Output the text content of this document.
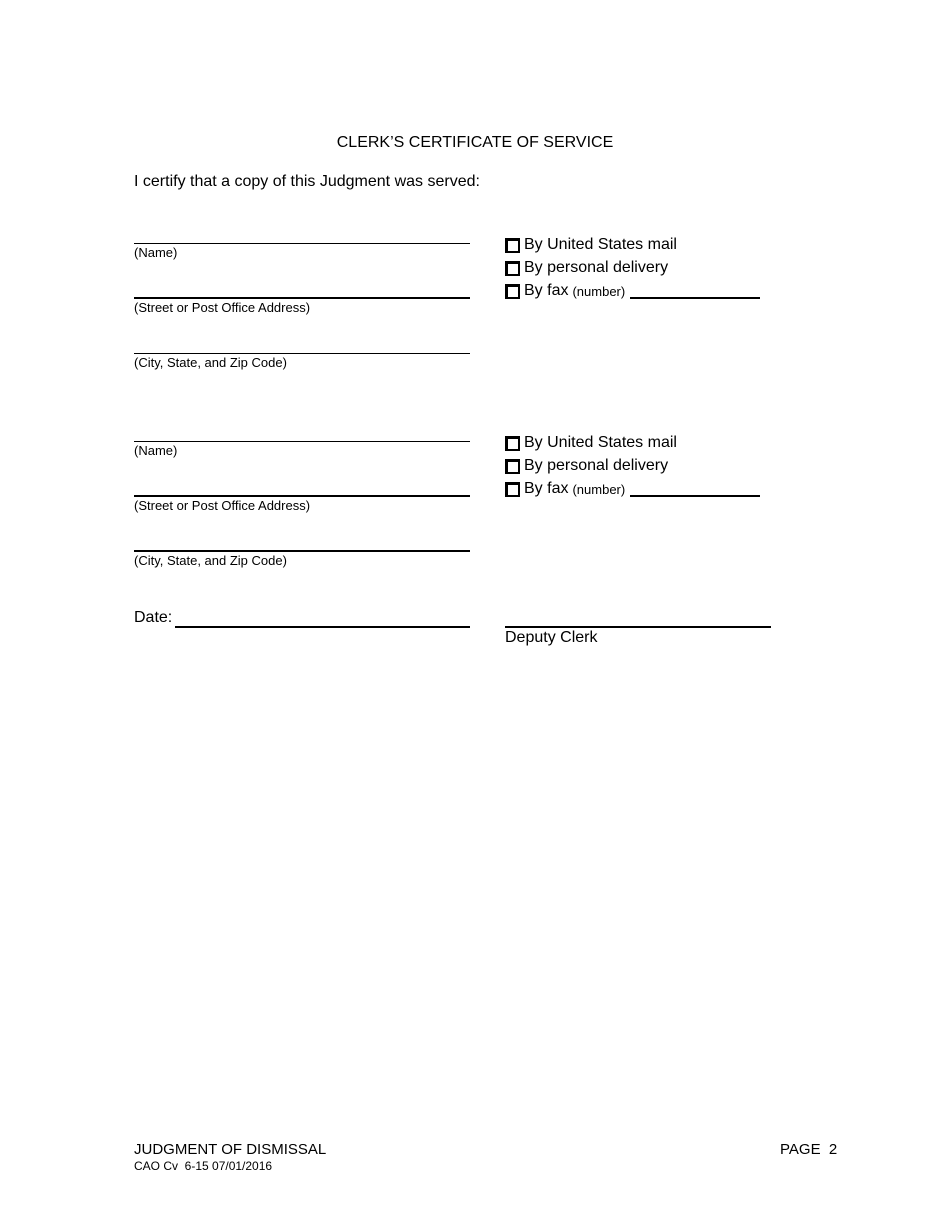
CLERK’S CERTIFICATE OF SERVICE
I certify that a copy of this Judgment was served:
(Name)
(Street or Post Office Address)
(City, State, and Zip Code)
By United States mail
By personal delivery
By fax (number)
(Name)
(Street or Post Office Address)
(City, State, and Zip Code)
By United States mail
By personal delivery
By fax (number)
Date:
Deputy Clerk
JUDGMENT OF DISMISSAL
CAO Cv  6-15 07/01/2016
PAGE  2
